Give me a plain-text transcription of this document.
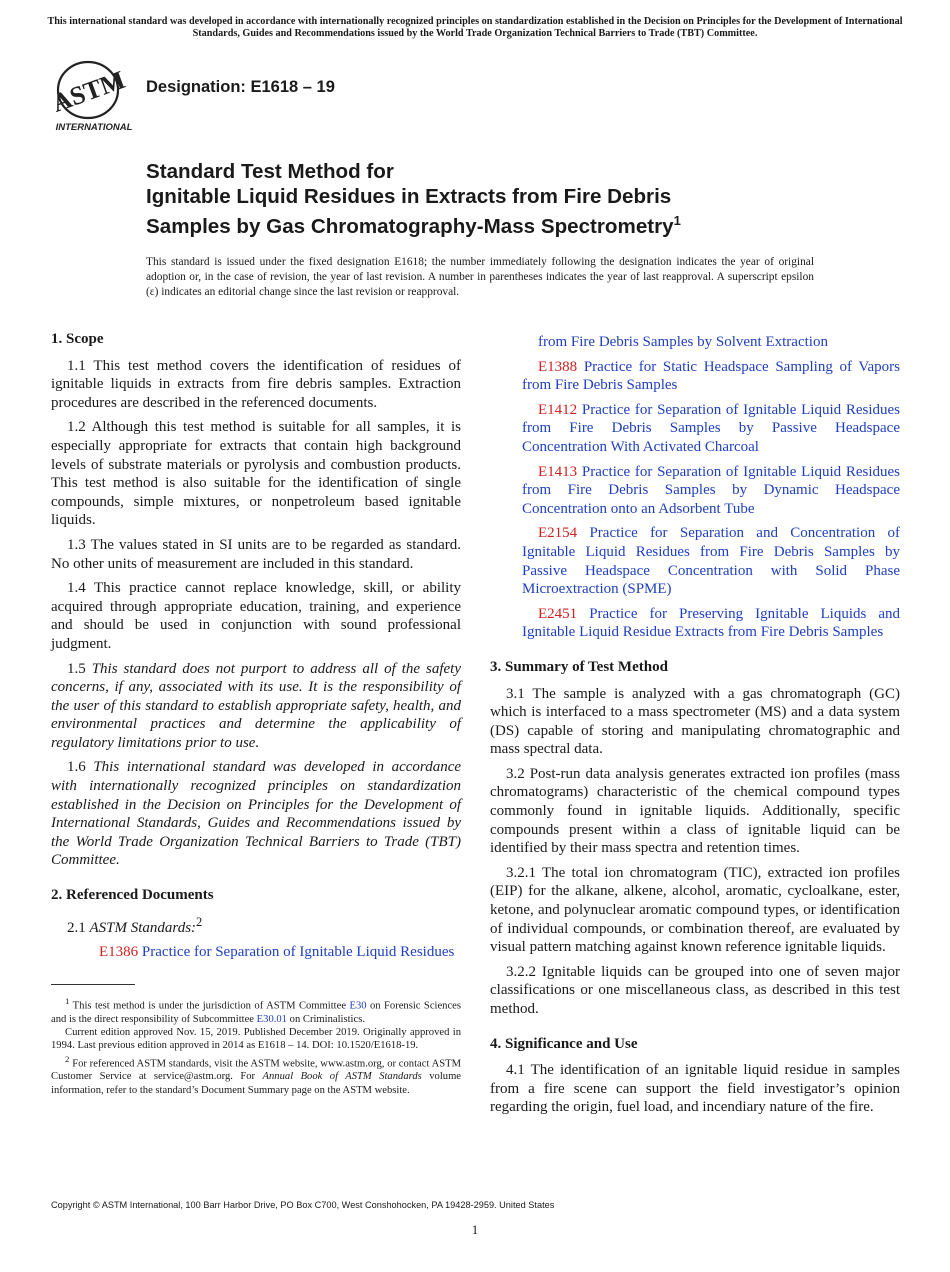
This international standard was developed in accordance with internationally recognized principles on standardization established in the Decision on Principles for the Development of International Standards, Guides and Recommendations issued by the World Trade Organization Technical Barriers to Trade (TBT) Committee.
ASTM
INTERNATIONAL
Designation: E1618 – 19
Standard Test Method for
Ignitable Liquid Residues in Extracts from Fire Debris
Samples by Gas Chromatography-Mass Spectrometry$^1$
This standard is issued under the fixed designation E1618; the number immediately following the designation indicates the year of original adoption or, in the case of revision, the year of last revision. A number in parentheses indicates the year of last reapproval. A superscript epsilon (ε) indicates an editorial change since the last revision or reapproval.
1. Scope

1.1 This test method covers the identification of residues of ignitable liquids in extracts from fire debris samples. Extraction procedures are described in the referenced documents.

1.2 Although this test method is suitable for all samples, it is especially appropriate for extracts that contain high background levels of substrate materials or pyrolysis and combustion products. This test method is also suitable for the identification of single compounds, simple mixtures, or nonpetroleum based ignitable liquids.

1.3 The values stated in SI units are to be regarded as standard. No other units of measurement are included in this standard.

1.4 This practice cannot replace knowledge, skill, or ability acquired through appropriate education, training, and experience and should be used in conjunction with sound professional judgment.

1.5 This standard does not purport to address all of the safety concerns, if any, associated with its use. It is the responsibility of the user of this standard to establish appropriate safety, health, and environmental practices and determine the applicability of regulatory limitations prior to use.

1.6 This international standard was developed in accordance with internationally recognized principles on standardization established in the Decision on Principles for the Development of International Standards, Guides and Recommendations issued by the World Trade Organization Technical Barriers to Trade (TBT) Committee.

2. Referenced Documents

2.1 ASTM Standards:$^2$

E1386 Practice for Separation of Ignitable Liquid Residues

$^1$ This test method is under the jurisdiction of ASTM Committee E30 on Forensic Sciences and is the direct responsibility of Subcommittee E30.01 on Criminalistics.

Current edition approved Nov. 15, 2019. Published December 2019. Originally approved in 1994. Last previous edition approved in 2014 as E1618 – 14. DOI: 10.1520/E1618-19.

$^2$ For referenced ASTM standards, visit the ASTM website, www.astm.org, or contact ASTM Customer Service at service@astm.org. For Annual Book of ASTM Standards volume information, refer to the standard’s Document Summary page on the ASTM website.

from Fire Debris Samples by Solvent Extraction

E1388 Practice for Static Headspace Sampling of Vapors from Fire Debris Samples

E1412 Practice for Separation of Ignitable Liquid Residues from Fire Debris Samples by Passive Headspace Concentration With Activated Charcoal

E1413 Practice for Separation of Ignitable Liquid Residues from Fire Debris Samples by Dynamic Headspace Concentration onto an Adsorbent Tube

E2154 Practice for Separation and Concentration of Ignitable Liquid Residues from Fire Debris Samples by Passive Headspace Concentration with Solid Phase Microextraction (SPME)

E2451 Practice for Preserving Ignitable Liquids and Ignitable Liquid Residue Extracts from Fire Debris Samples

3. Summary of Test Method

3.1 The sample is analyzed with a gas chromatograph (GC) which is interfaced to a mass spectrometer (MS) and a data system (DS) capable of storing and manipulating chromatographic and mass spectral data.

3.2 Post-run data analysis generates extracted ion profiles (mass chromatograms) characteristic of the chemical compound types commonly found in ignitable liquids. Additionally, specific compounds present within a class of ignitable liquid can be identified by their mass spectra and retention times.

3.2.1 The total ion chromatogram (TIC), extracted ion profiles (EIP) for the alkane, alkene, alcohol, aromatic, cycloalkane, ester, ketone, and polynuclear aromatic compound types, or identification of individual compounds, or combination thereof, are evaluated by visual pattern matching against known reference ignitable liquids.

3.2.2 Ignitable liquids can be grouped into one of seven major classifications or one miscellaneous class, as described in this test method.

4. Significance and Use

4.1 The identification of an ignitable liquid residue in samples from a fire scene can support the field investigator’s opinion regarding the origin, fuel load, and incendiary nature of the fire.

Copyright © ASTM International, 100 Barr Harbor Drive, PO Box C700, West Conshohocken, PA 19428-2959. United States
1
